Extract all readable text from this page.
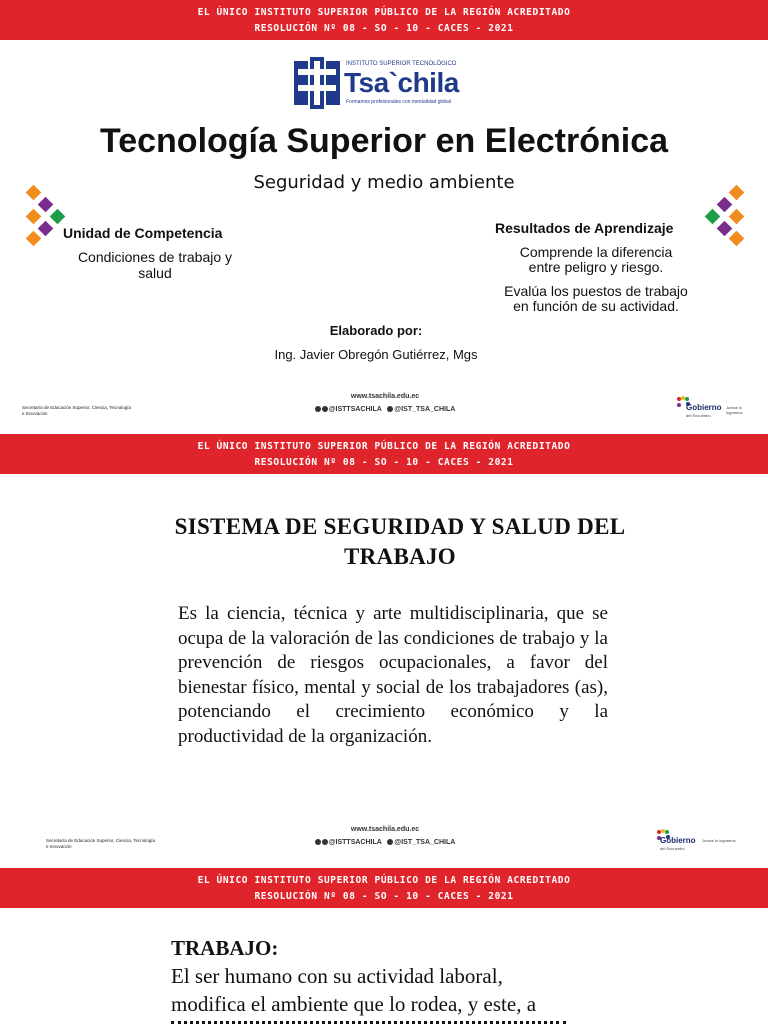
EL ÚNICO INSTITUTO SUPERIOR PÚBLICO DE LA REGIÓN ACREDITADO
RESOLUCIÓN Nº 08 - SO - 10 - CACES - 2021
INSTITUTO SUPERIOR TECNOLÓGICO
Tsa`chila
Formamos profesionales con mentalidad global
Tecnología Superior en Electrónica
Seguridad y medio ambiente
Unidad de Competencia
Condiciones de trabajo y salud
Resultados de Aprendizaje
Comprende la diferencia entre peligro y riesgo.
Evalúa los puestos de trabajo en función de su actividad.
Elaborado por:
Ing. Javier Obregón Gutiérrez, Mgs
Secretaría de Educación Superior, Ciencia, Tecnología e Innovación
www.tsachila.edu.ec
@ISTTSACHILA @IST_TSA_CHILA	Gobierno
del Encuentro
Juntos lo logramos
EL ÚNICO INSTITUTO SUPERIOR PÚBLICO DE LA REGIÓN ACREDITADO
RESOLUCIÓN Nº 08 - SO - 10 - CACES - 2021
SISTEMA DE SEGURIDAD Y SALUD DEL TRABAJO
Es la ciencia, técnica y arte multidisciplinaria, que se ocupa de la valoración de las condiciones de trabajo y la prevención de riesgos ocupacionales, a favor del bienestar físico, mental y social de los trabajadores (as), potenciando el crecimiento económico y la productividad de la organización.
Secretaría de Educación Superior, Ciencia, Tecnología e Innovación
www.tsachila.edu.ec
@ISTTSACHILA @IST_TSA_CHILA	Gobierno
del Encuentro
Juntos lo logramos
EL ÚNICO INSTITUTO SUPERIOR PÚBLICO DE LA REGIÓN ACREDITADO
RESOLUCIÓN Nº 08 - SO - 10 - CACES - 2021
TRABAJO:
El ser humano con su actividad laboral,
modifica el ambiente que lo rodea, y este, a
